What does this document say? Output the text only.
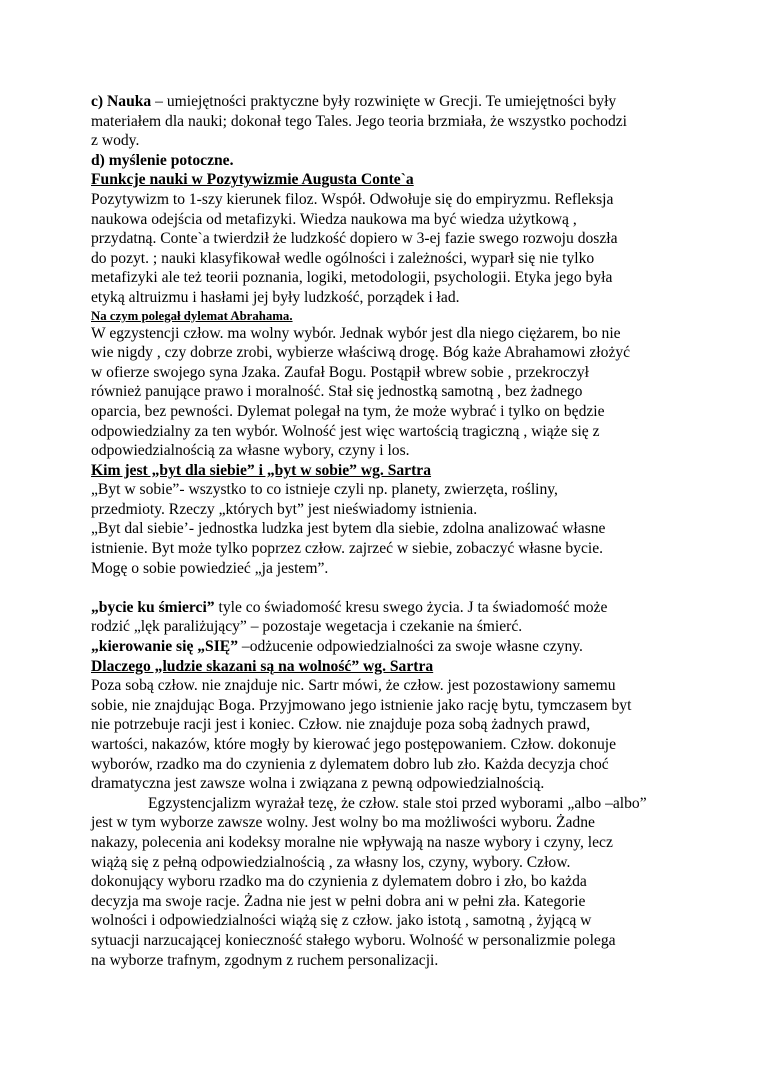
c) Nauka – umiejętności praktyczne były rozwinięte w Grecji. Te umiejętności były

materiałem dla nauki; dokonał tego Tales. Jego teoria brzmiała, że wszystko pochodzi

z wody.

d) myślenie potoczne.

Funkcje nauki w Pozytywizmie Augusta Conte`a

Pozytywizm to 1-szy kierunek filoz. Współ. Odwołuje się do empiryzmu. Refleksja

naukowa odejścia od metafizyki. Wiedza naukowa ma być wiedza użytkową ,

przydatną. Conte`a twierdził że ludzkość dopiero w 3-ej fazie swego rozwoju doszła

do pozyt. ; nauki klasyfikował wedle ogólności i zależności, wyparł się nie tylko

metafizyki ale też teorii poznania, logiki, metodologii, psychologii. Etyka jego była

etyką altruizmu i hasłami jej były ludzkość, porządek i ład.

Na czym polegał dylemat Abrahama.

W egzystencji człow. ma wolny wybór. Jednak wybór jest dla niego ciężarem, bo nie

wie nigdy , czy dobrze zrobi, wybierze właściwą drogę. Bóg każe Abrahamowi złożyć

w ofierze swojego syna Jzaka. Zaufał Bogu. Postąpił wbrew sobie , przekroczył

również panujące prawo i moralność. Stał się jednostką samotną , bez żadnego

oparcia, bez pewności. Dylemat polegał na tym, że może wybrać i tylko on będzie

odpowiedzialny za ten wybór. Wolność jest więc wartością tragiczną , wiąże się z

odpowiedzialnością za własne wybory, czyny i los.

Kim jest „byt dla siebie” i „byt w sobie” wg. Sartra

„Byt w sobie”- wszystko to co istnieje czyli np. planety, zwierzęta, rośliny,

przedmioty. Rzeczy „których byt” jest nieświadomy istnienia.

„Byt dal siebie’- jednostka ludzka jest bytem dla siebie, zdolna analizować własne

istnienie. Byt może tylko poprzez człow. zajrzeć w siebie, zobaczyć własne bycie.

Mogę o sobie powiedzieć „ja jestem”.

„bycie ku śmierci” tyle co świadomość kresu swego życia. J ta świadomość może

rodzić „lęk paraliżujący” – pozostaje wegetacja i czekanie na śmierć.

„kierowanie się „SIĘ” –odżucenie odpowiedzialności za swoje własne czyny.

Dlaczego „ludzie skazani są na wolność” wg. Sartra

Poza sobą człow. nie znajduje nic. Sartr mówi, że człow. jest pozostawiony samemu

sobie, nie znajdując Boga. Przyjmowano jego istnienie jako rację bytu, tymczasem byt

nie potrzebuje racji jest i koniec. Człow. nie znajduje poza sobą żadnych prawd,

wartości, nakazów, które mogły by kierować jego postępowaniem. Człow. dokonuje

wyborów, rzadko ma do czynienia z dylematem dobro lub zło. Każda decyzja choć

dramatyczna jest zawsze wolna i związana z pewną odpowiedzialnością.

Egzystencjalizm wyrażał tezę, że człow. stale stoi przed wyborami „albo –albo”

jest w tym wyborze zawsze wolny. Jest wolny bo ma możliwości wyboru. Żadne

nakazy, polecenia ani kodeksy moralne nie wpływają na nasze wybory i czyny, lecz

wiążą się z pełną odpowiedzialnością , za własny los, czyny, wybory. Człow.

dokonujący wyboru rzadko ma do czynienia z dylematem dobro i zło, bo każda

decyzja ma swoje racje. Żadna nie jest w pełni dobra ani w pełni zła. Kategorie

wolności i odpowiedzialności wiążą się z człow. jako istotą , samotną , żyjącą w

sytuacji narzucającej konieczność stałego wyboru. Wolność w personalizmie polega

na wyborze trafnym, zgodnym z ruchem personalizacji.
